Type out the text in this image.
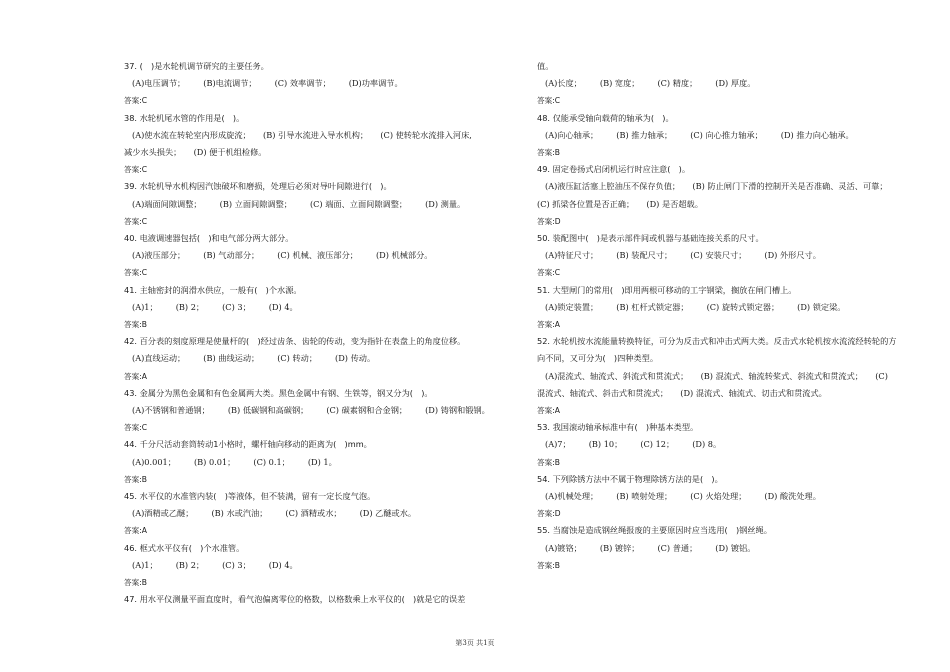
37. (　)是水轮机调节研究的主要任务。
(A)电压调节； (B)电流调节； (C) 效率调节； (D)功率调节。
答案:C
38. 水轮机尾水管的作用是(　)。
(A)使水流在转轮室内形成旋流；　　(B) 引导水流进入导水机构；　　(C) 使转轮水流排入河床,减少水头损失；　　(D) 便于机组检修。
答案:C
39. 水轮机导水机构因汽蚀破坏和磨损，处理后必须对导叶间隙进行(　)。
(A)端面间隙调整； (B) 立面间隙调整； (C) 端面、立面间隙调整； (D) 测量。
答案:C
40. 电液调速器包括(　)和电气部分两大部分。
(A)液压部分； (B) 气动部分； (C) 机械、液压部分； (D) 机械部分。
答案:C
41. 主轴密封的润滑水供应，一般有(　)个水源。
(A)1； (B) 2； (C) 3； (D) 4。
答案:B
42. 百分表的刻度原理是使量杆的(　)经过齿条、齿轮的传动，变为指针在表盘上的角度位移。
(A)直线运动； (B) 曲线运动； (C) 转动； (D) 传动。
答案:A
43. 金属分为黑色金属和有色金属两大类。黑色金属中有钢、生铁等，钢又分为(　)。
(A)不锈钢和普通钢； (B) 低碳钢和高碳钢； (C) 碳素钢和合金钢； (D) 铸钢和锻钢。
答案:C
44. 千分尺活动套筒转动1小格时，螺杆轴向移动的距离为(　)mm。
(A)0.001； (B) 0.01； (C) 0.1； (D) 1。
答案:B
45. 水平仪的水准管内装(　)等液体，但不装满，留有一定长度气泡。
(A)酒精或乙醚； (B) 水或汽油； (C) 酒精或水； (D) 乙醚或水。
答案:A
46. 框式水平仪有(　)个水准管。
(A)1； (B) 2； (C) 3； (D) 4。
答案:B
47. 用水平仪测量平面直度时，看气泡偏离零位的格数，以格数乘上水平仪的(　)就是它的误差
值。
(A)长度； (B) 宽度； (C) 精度； (D) 厚度。
答案:C
48. 仅能承受轴向载荷的轴承为(　)。
(A)向心轴承； (B) 推力轴承； (C) 向心推力轴承； (D) 推力向心轴承。
答案:B
49. 固定卷扬式启闭机运行时应注意(　)。
(A)液压缸活塞上腔油压不保存负值；　　(B) 防止闸门下滑的控制开关是否准确、灵活、可靠；(C) 抓梁各位置是否正确；　　(D) 是否超载。
答案:D
50. 装配图中(　)是表示部件间或机器与基础连接关系的尺寸。
(A)特征尺寸； (B) 装配尺寸； (C) 安装尺寸； (D) 外形尺寸。
答案:C
51. 大型闸门的常用(　)即用两根可移动的工字钢梁，搁放在闸门槽上。
(A)锁定装置； (B) 杠杆式锁定器； (C) 旋转式锁定器； (D) 锁定梁。
答案:A
52. 水轮机按水流能量转换特征，可分为反击式和冲击式两大类。反击式水轮机按水流流经转轮的方向不同，又可分为(　)四种类型。
(A)混流式、轴流式、斜流式和贯流式；　　(B) 混流式、轴流转桨式、斜流式和贯流式；　　(C) 混流式、轴流式、斜击式和贯流式；　　(D) 混流式、轴流式、切击式和贯流式。
答案:A
53. 我国滚动轴承标准中有(　)种基本类型。
(A)7； (B) 10； (C) 12； (D) 8。
答案:B
54. 下列除锈方法中不属于物理除锈方法的是(　)。
(A)机械处理； (B) 喷射处理； (C) 火焰处理； (D) 酸洗处理。
答案:D
55. 当腐蚀是造成钢丝绳报废的主要原因时应当选用(　)钢丝绳。
(A)镀铬； (B) 镀锌； (C) 普通； (D) 镀铝。
答案:B
第3页 共1页
